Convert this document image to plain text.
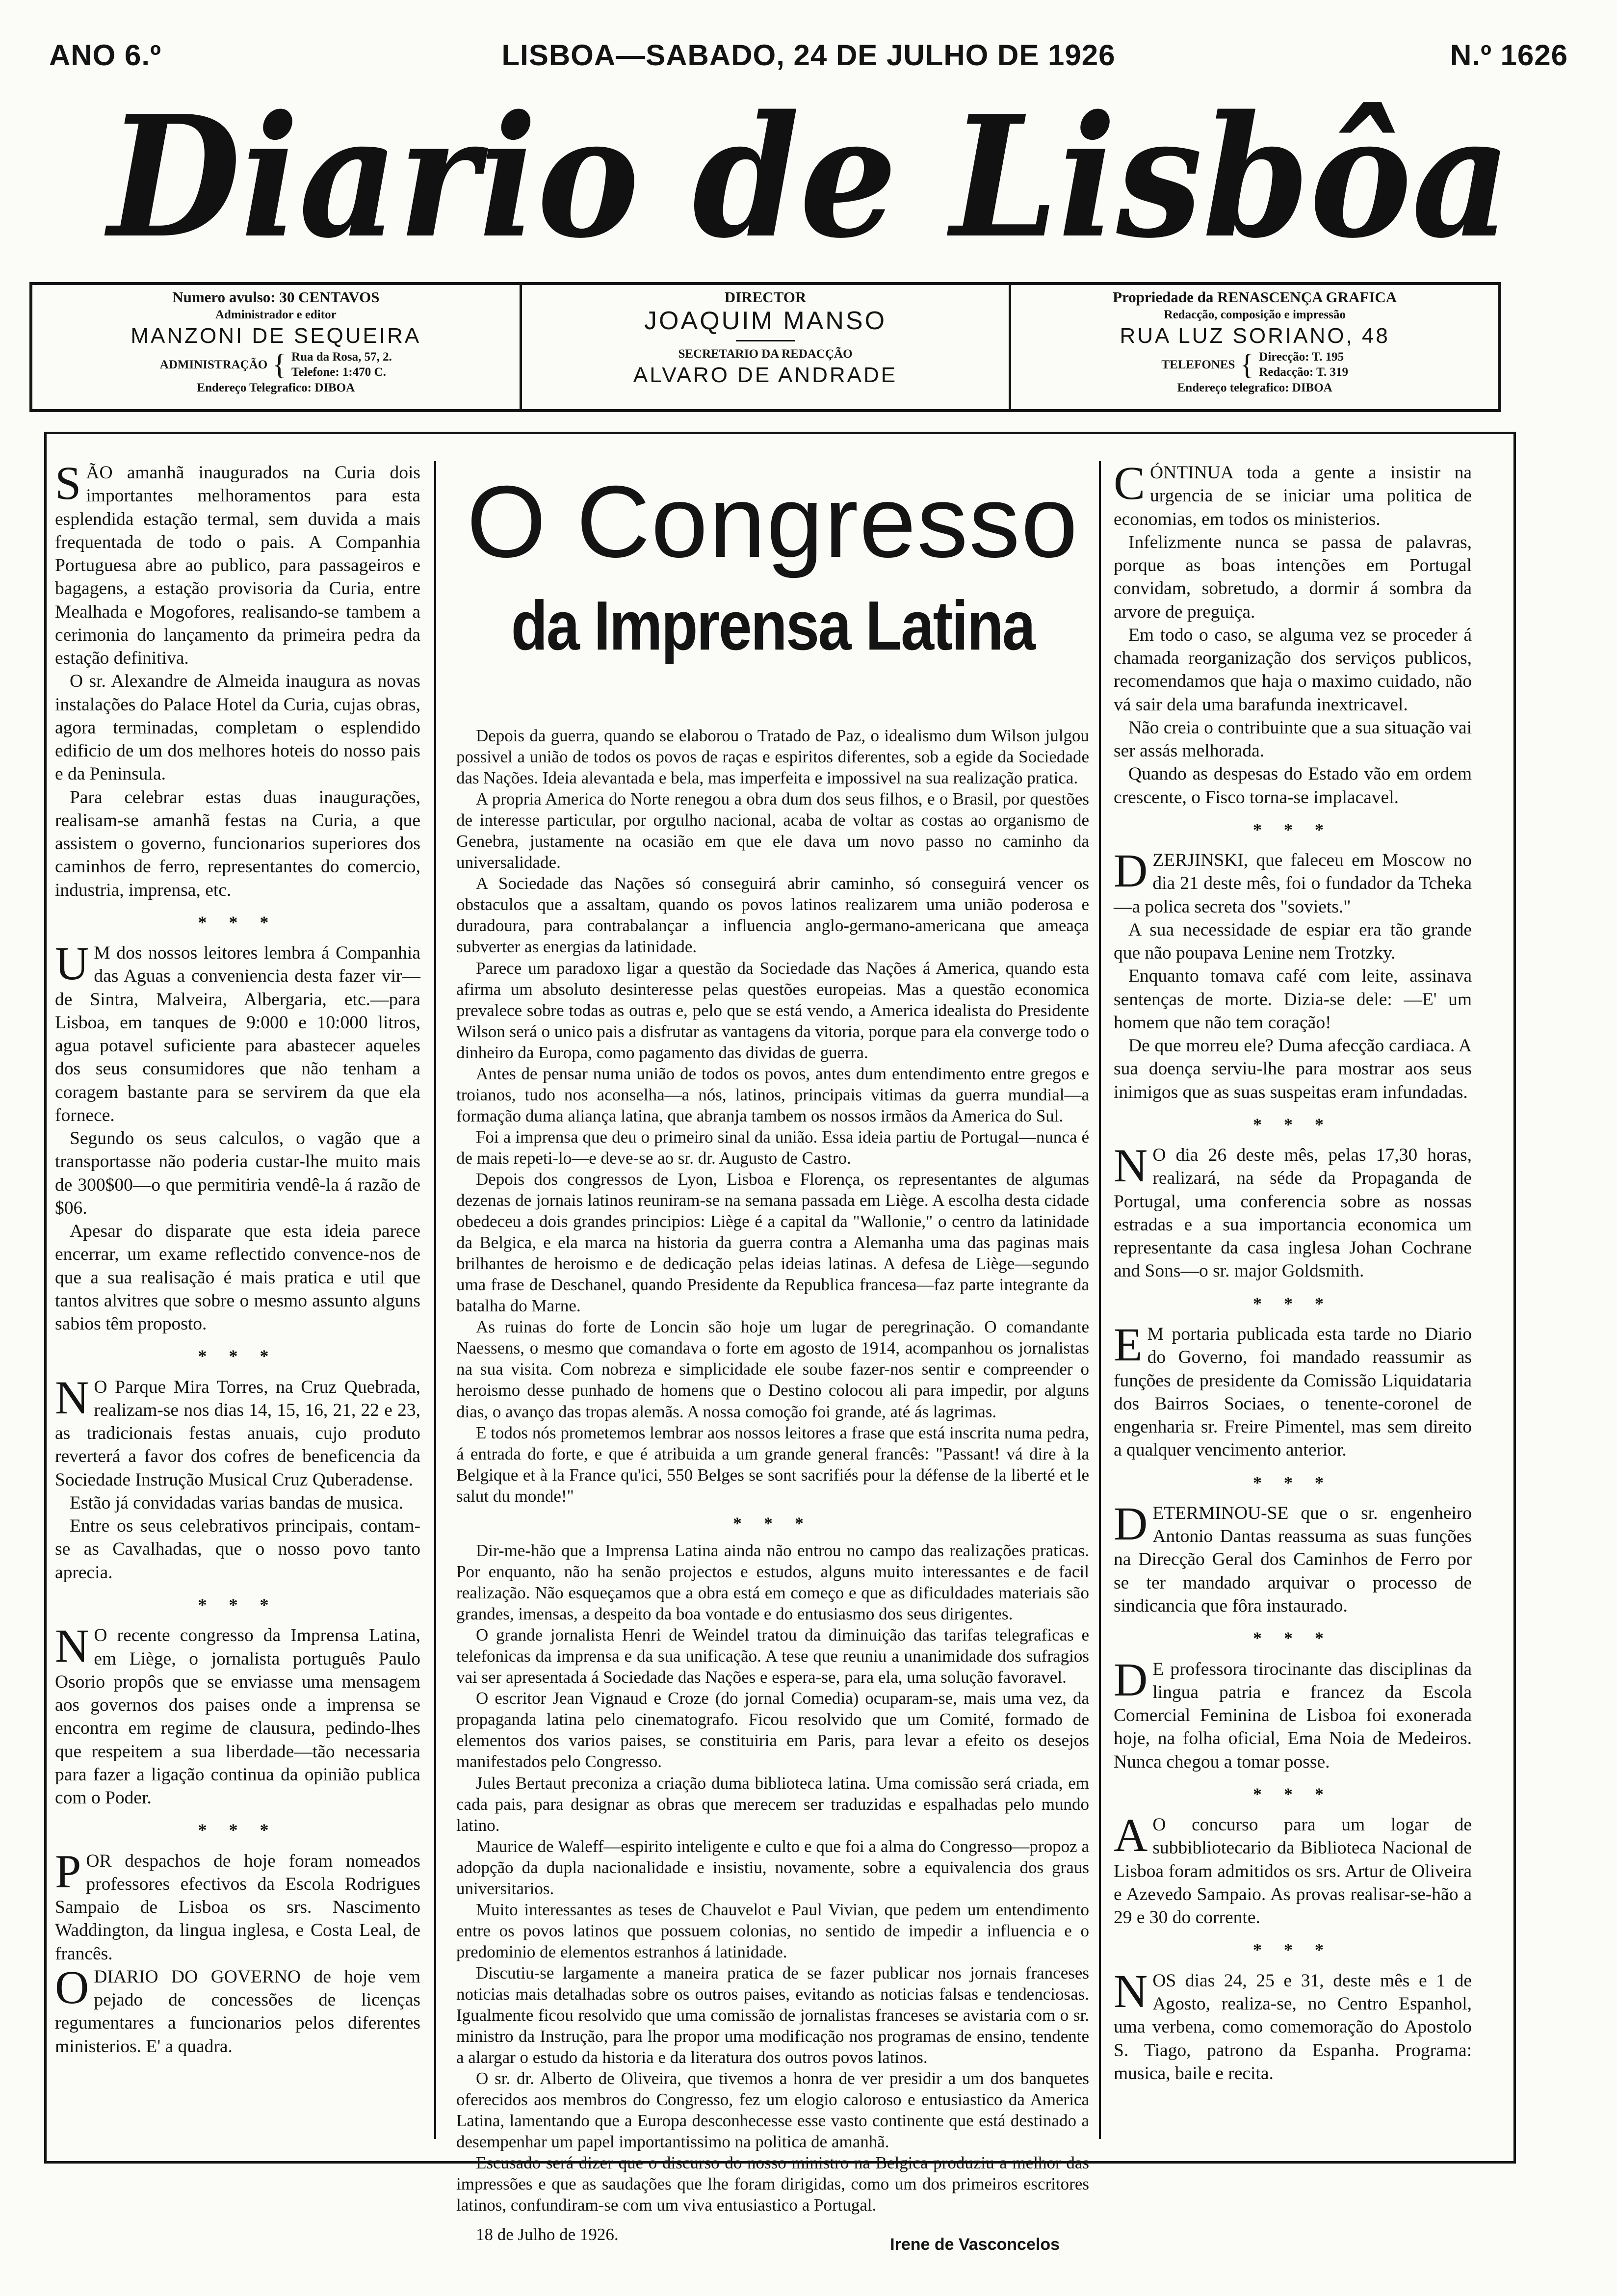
ANO 6.º	LISBOA—SABADO, 24 DE JULHO DE 1926	N.º 1626
Diario de Lisbôa
Numero avulso: 30 CENTAVOS
Administrador e editor
MANZONI DE SEQUEIRA
ADMINISTRAÇÃO { Rua da Rosa, 57, 2.
Telefone: 1:470 C.
Endereço Telegrafico: DIBOA
DIRECTOR
JOAQUIM MANSO
SECRETARIO DA REDACÇÃO
ALVARO DE ANDRADE
Propriedade da RENASCENÇA GRAFICA
Redacção, composição e impressão
RUA LUZ SORIANO, 48
TELEFONES { Direcção: T. 195
Redacção: T. 319
Endereço telegrafico: DIBOA

SÃO amanhã inaugurados na Curia dois importantes melhoramentos para esta esplendida estação termal, sem duvida a mais frequentada de todo o pais. A Companhia Portuguesa abre ao publico, para passageiros e bagagens, a estação provisoria da Curia, entre Mealhada e Mogofores, realisando-se tambem a cerimonia do lançamento da primeira pedra da estação definitiva.

O sr. Alexandre de Almeida inaugura as novas instalações do Palace Hotel da Curia, cujas obras, agora terminadas, completam o esplendido edificio de um dos melhores hoteis do nosso pais e da Peninsula.

Para celebrar estas duas inaugurações, realisam-se amanhã festas na Curia, a que assistem o governo, funcionarios superiores dos caminhos de ferro, representantes do comercio, industria, imprensa, etc.

* * *

U M dos nossos leitores lembra á Companhia das Aguas a conveniencia desta fazer vir—de Sintra, Malveira, Albergaria, etc.—para Lisboa, em tanques de 9:000 e 10:000 litros, agua potavel suficiente para abastecer aqueles dos seus consumidores que não tenham a coragem bastante para se servirem da que ela fornece.

Segundo os seus calculos, o vagão que a transportasse não poderia custar-lhe muito mais de 300$00—o que permitiria vendê-la á razão de $06.

Apesar do disparate que esta ideia parece encerrar, um exame reflectido convence-nos de que a sua realisação é mais pratica e util que tantos alvitres que sobre o mesmo assunto alguns sabios têm proposto.

* * *

N O Parque Mira Torres, na Cruz Quebrada, realizam-se nos dias 14, 15, 16, 21, 22 e 23, as tradicionais festas anuais, cujo produto reverterá a favor dos cofres de beneficencia da Sociedade Instrução Musical Cruz Quberadense.

Estão já convidadas varias bandas de musica.

Entre os seus celebrativos principais, contam-se as Cavalhadas, que o nosso povo tanto aprecia.

* * *

N O recente congresso da Imprensa Latina, em Liège, o jornalista português Paulo Osorio propôs que se enviasse uma mensagem aos governos dos paises onde a imprensa se encontra em regime de clausura, pedindo-lhes que respeitem a sua liberdade—tão necessaria para fazer a ligação continua da opinião publica com o Poder.

* * *

POR despachos de hoje foram nomeados professores efectivos da Escola Rodrigues Sampaio de Lisboa os srs. Nascimento Waddington, da lingua inglesa, e Costa Leal, de francês.

ODIARIO DO GOVERNO de hoje vem pejado de concessões de licenças regumentares a funcionarios pelos diferentes ministerios. E' a quadra.

O Congresso
da Imprensa Latina

Depois da guerra, quando se elaborou o Tratado de Paz, o idealismo dum Wilson julgou possivel a união de todos os povos de raças e espiritos diferentes, sob a egide da Sociedade das Nações. Ideia alevantada e bela, mas imperfeita e impossivel na sua realização pratica.

A propria America do Norte renegou a obra dum dos seus filhos, e o Brasil, por questões de interesse particular, por orgulho nacional, acaba de voltar as costas ao organismo de Genebra, justamente na ocasião em que ele dava um novo passo no caminho da universalidade.

A Sociedade das Nações só conseguirá abrir caminho, só conseguirá vencer os obstaculos que a assaltam, quando os povos latinos realizarem uma união poderosa e duradoura, para contrabalançar a influencia anglo-germano-americana que ameaça subverter as energias da latinidade.

Parece um paradoxo ligar a questão da Sociedade das Nações á America, quando esta afirma um absoluto desinteresse pelas questões europeias. Mas a questão economica prevalece sobre todas as outras e, pelo que se está vendo, a America idealista do Presidente Wilson será o unico pais a disfrutar as vantagens da vitoria, porque para ela converge todo o dinheiro da Europa, como pagamento das dividas de guerra.

Antes de pensar numa união de todos os povos, antes dum entendimento entre gregos e troianos, tudo nos aconselha—a nós, latinos, principais vitimas da guerra mundial—a formação duma aliança latina, que abranja tambem os nossos irmãos da America do Sul.

Foi a imprensa que deu o primeiro sinal da união. Essa ideia partiu de Portugal—nunca é de mais repeti-lo—e deve-se ao sr. dr. Augusto de Castro.

Depois dos congressos de Lyon, Lisboa e Florença, os representantes de algumas dezenas de jornais latinos reuniram-se na semana passada em Liège. A escolha desta cidade obedeceu a dois grandes principios: Liège é a capital da "Wallonie," o centro da latinidade da Belgica, e ela marca na historia da guerra contra a Alemanha uma das paginas mais brilhantes de heroismo e de dedicação pelas ideias latinas. A defesa de Liège—segundo uma frase de Deschanel, quando Presidente da Republica francesa—faz parte integrante da batalha do Marne.

As ruinas do forte de Loncin são hoje um lugar de peregrinação. O comandante Naessens, o mesmo que comandava o forte em agosto de 1914, acompanhou os jornalistas na sua visita. Com nobreza e simplicidade ele soube fazer-nos sentir e compreender o heroismo desse punhado de homens que o Destino colocou ali para impedir, por alguns dias, o avanço das tropas alemãs. A nossa comoção foi grande, até ás lagrimas.

E todos nós prometemos lembrar aos nossos leitores a frase que está inscrita numa pedra, á entrada do forte, e que é atribuida a um grande general francês: "Passant! vá dire à la Belgique et à la France qu'ici, 550 Belges se sont sacrifiés pour la défense de la liberté et le salut du monde!"

* * *

Dir-me-hão que a Imprensa Latina ainda não entrou no campo das realizações praticas. Por enquanto, não ha senão projectos e estudos, alguns muito interessantes e de facil realização. Não esqueçamos que a obra está em começo e que as dificuldades materiais são grandes, imensas, a despeito da boa vontade e do entusiasmo dos seus dirigentes.

O grande jornalista Henri de Weindel tratou da diminuição das tarifas telegraficas e telefonicas da imprensa e da sua unificação. A tese que reuniu a unanimidade dos sufragios vai ser apresentada á Sociedade das Nações e espera-se, para ela, uma solução favoravel.

O escritor Jean Vignaud e Croze (do jornal Comedia) ocuparam-se, mais uma vez, da propaganda latina pelo cinematografo. Ficou resolvido que um Comité, formado de elementos dos varios paises, se constituiria em Paris, para levar a efeito os desejos manifestados pelo Congresso.

Jules Bertaut preconiza a criação duma biblioteca latina. Uma comissão será criada, em cada pais, para designar as obras que merecem ser traduzidas e espalhadas pelo mundo latino.

Maurice de Waleff—espirito inteligente e culto e que foi a alma do Congresso—propoz a adopção da dupla nacionalidade e insistiu, novamente, sobre a equivalencia dos graus universitarios.

Muito interessantes as teses de Chauvelot e Paul Vivian, que pedem um entendimento entre os povos latinos que possuem colonias, no sentido de impedir a influencia e o predominio de elementos estranhos á latinidade.

Discutiu-se largamente a maneira pratica de se fazer publicar nos jornais franceses noticias mais detalhadas sobre os outros paises, evitando as noticias falsas e tendenciosas. Igualmente ficou resolvido que uma comissão de jornalistas franceses se avistaria com o sr. ministro da Instrução, para lhe propor uma modificação nos programas de ensino, tendente a alargar o estudo da historia e da literatura dos outros povos latinos.

O sr. dr. Alberto de Oliveira, que tivemos a honra de ver presidir a um dos banquetes oferecidos aos membros do Congresso, fez um elogio caloroso e entusiastico da America Latina, lamentando que a Europa desconhecesse esse vasto continente que está destinado a desempenhar um papel importantissimo na politica de amanhã.

Escusado será dizer que o discurso do nosso ministro na Belgica produziu a melhor das impressões e que as saudações que lhe foram dirigidas, como um dos primeiros escritores latinos, confundiram-se com um viva entusiastico a Portugal.

18 de Julho de 1926.
Irene de Vasconcelos

CÓNTINUA toda a gente a insistir na urgencia de se iniciar uma politica de economias, em todos os ministerios.

Infelizmente nunca se passa de palavras, porque as boas intenções em Portugal convidam, sobretudo, a dormir á sombra da arvore de preguiça.

Em todo o caso, se alguma vez se proceder á chamada reorganização dos serviços publicos, recomendamos que haja o maximo cuidado, não vá sair dela uma barafunda inextricavel.

Não creia o contribuinte que a sua situação vai ser assás melhorada.

Quando as despesas do Estado vão em ordem crescente, o Fisco torna-se implacavel.

* * *

DZERJINSKI, que faleceu em Moscow no dia 21 deste mês, foi o fundador da Tcheka—a polica secreta dos "soviets."

A sua necessidade de espiar era tão grande que não poupava Lenine nem Trotzky.

Enquanto tomava café com leite, assinava sentenças de morte. Dizia-se dele: —E' um homem que não tem coração!

De que morreu ele? Duma afecção cardiaca. A sua doença serviu-lhe para mostrar aos seus inimigos que as suas suspeitas eram infundadas.

* * *

N O dia 26 deste mês, pelas 17,30 horas, realizará, na séde da Propaganda de Portugal, uma conferencia sobre as nossas estradas e a sua importancia economica um representante da casa inglesa Johan Cochrane and Sons—o sr. major Goldsmith.

* * *

E M portaria publicada esta tarde no Diario do Governo, foi mandado reassumir as funções de presidente da Comissão Liquidataria dos Bairros Sociaes, o tenente-coronel de engenharia sr. Freire Pimentel, mas sem direito a qualquer vencimento anterior.

* * *

DETERMINOU-SE que o sr. engenheiro Antonio Dantas reassuma as suas funções na Direcção Geral dos Caminhos de Ferro por se ter mandado arquivar o processo de sindicancia que fôra instaurado.

* * *

D E professora tirocinante das disciplinas da lingua patria e francez da Escola Comercial Feminina de Lisboa foi exonerada hoje, na folha oficial, Ema Noia de Medeiros. Nunca chegou a tomar posse.

* * *

A O concurso para um logar de subbibliotecario da Biblioteca Nacional de Lisboa foram admitidos os srs. Artur de Oliveira e Azevedo Sampaio. As provas realisar-se-hão a 29 e 30 do corrente.

* * *

NOS dias 24, 25 e 31, deste mês e 1 de Agosto, realiza-se, no Centro Espanhol, uma verbena, como comemoração do Apostolo S. Tiago, patrono da Espanha. Programa: musica, baile e recita.
